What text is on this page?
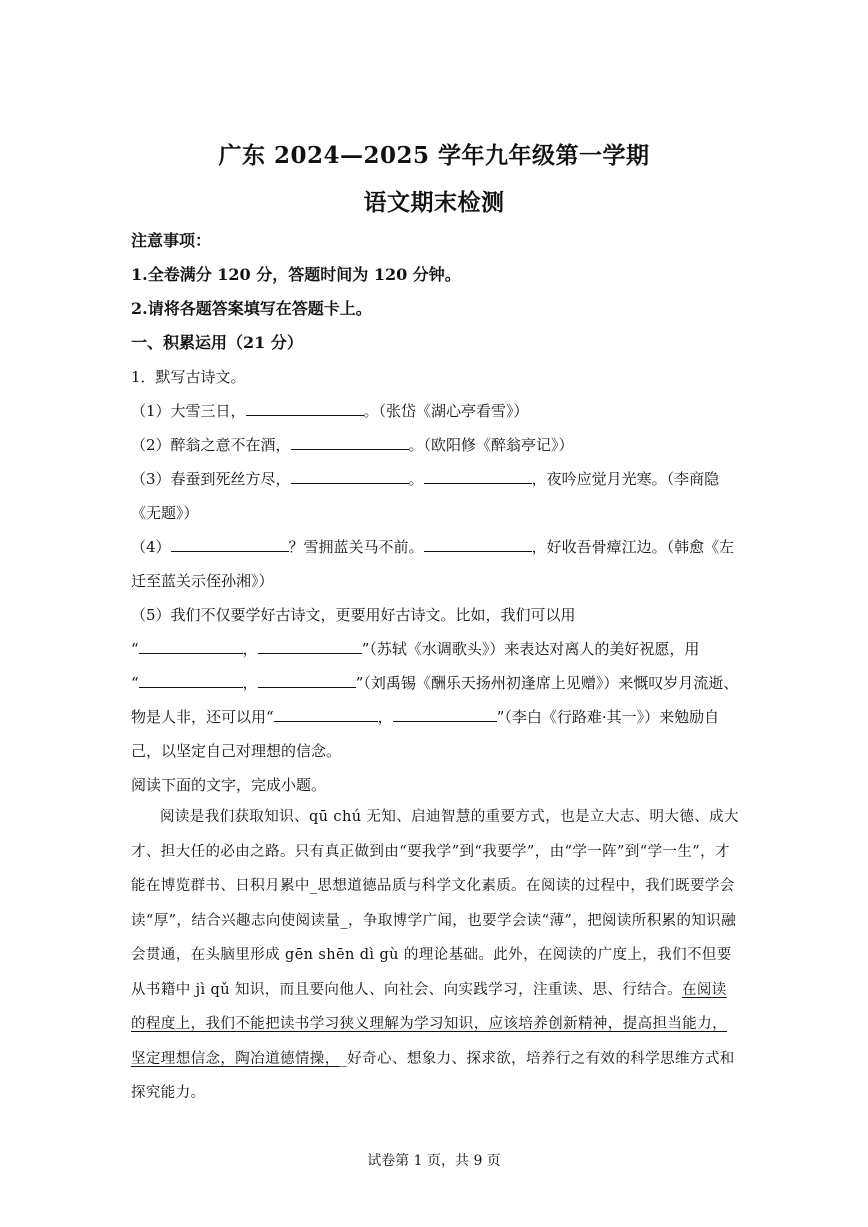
广东 2024—2025 学年九年级第一学期
语文期末检测
注意事项：
1.全卷满分 120 分，答题时间为 120 分钟。
2.请将各题答案填写在答题卡上。
一、积累运用（21 分）
1．默写古诗文。
（1）大雪三日，	。（张岱《湖心亭看雪》）
（2）醉翁之意不在酒，	。（欧阳修《醉翁亭记》）
（3）春蚕到死丝方尽，	。	，夜吟应觉月光寒。（李商隐
《无题》）
（4）	？雪拥蓝关马不前。	，好收吾骨瘴江边。（韩愈《左
迁至蓝关示侄孙湘》）
（5）我们不仅要学好古诗文，更要用好古诗文。比如，我们可以用
“	，	”（苏轼《水调歌头》）来表达对离人的美好祝愿，用
“	，	”（刘禹锡《酬乐天扬州初逢席上见赠》）来慨叹岁月流逝、
物是人非，还可以用“	，	”（李白《行路难·其一》）来勉励自
己，以坚定自己对理想的信念。
阅读下面的文字，完成小题。

阅读是我们获取知识、qū chú 无知、启迪智慧的重要方式，也是立大志、明大德、成大才、担大任的必由之路。只有真正做到由“要我学”到“我要学”，由“学一阵”到“学一生”，才能在博览群书、日积月累中_思想道德品质与科学文化素质。在阅读的过程中，我们既要学会读“厚”，结合兴趣志向使阅读量_，争取博学广闻，也要学会读“薄”，把阅读所积累的知识融会贯通，在头脑里形成 gēn shēn dì gù 的理论基础。此外，在阅读的广度上，我们不但要从书籍中 jì qǔ 知识，而且要向他人、向社会、向实践学习，注重读、思、行结合。在阅读的程度上，我们不能把读书学习狭义理解为学习知识，应该培养创新精神，提高担当能力，坚定理想信念，陶冶道德情操，_好奇心、想象力、探求欲，培养行之有效的科学思维方式和探究能力。

试卷第 1 页，共 9 页
